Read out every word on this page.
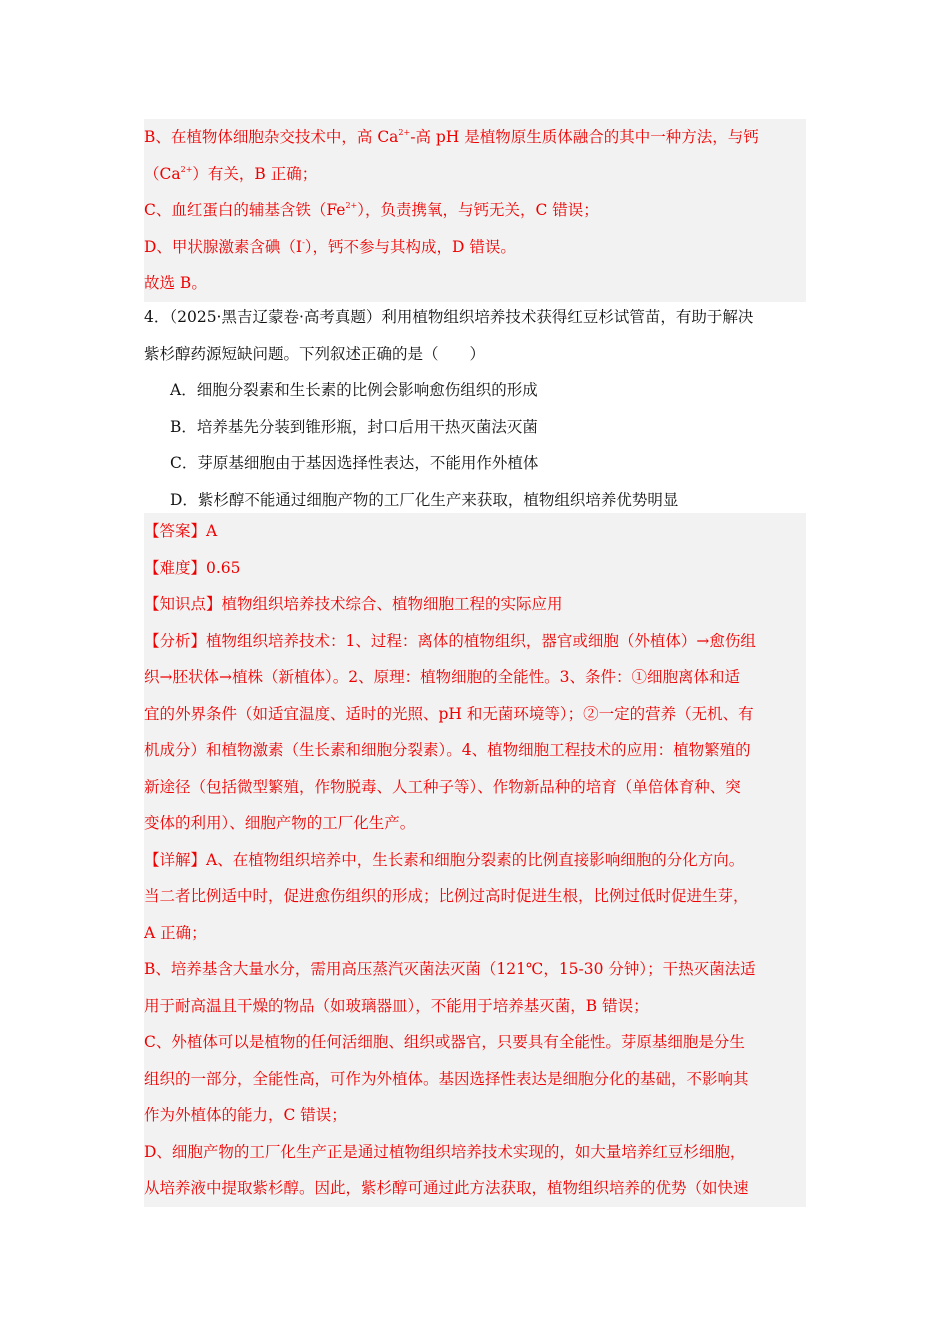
B、在植物体细胞杂交技术中，高 $Ca^{2+}-$高 pH 是植物原生质体融合的其中一种方法，与钙
$(Ca^{2+})$有关，B 正确；
C、血红蛋白的辅基含铁$(Fe^{2+})$，负责携氧，与钙无关，C 错误；
D、甲状腺激素含碘（I-），钙不参与其构成，D 错误。
故选 B。
4．（2025·黑吉辽蒙卷·高考真题）利用植物组织培养技术获得红豆杉试管苗，有助于解决
紫杉醇药源短缺问题。下列叙述正确的是（　　）
A．细胞分裂素和生长素的比例会影响愈伤组织的形成
B．培养基先分装到锥形瓶，封口后用干热灭菌法灭菌
C．芽原基细胞由于基因选择性表达，不能用作外植体
D．紫杉醇不能通过细胞产物的工厂化生产来获取，植物组织培养优势明显
【答案】A
【难度】0.65
【知识点】植物组织培养技术综合、植物细胞工程的实际应用
【分析】植物组织培养技术：1、过程：离体的植物组织，器官或细胞（外植体）→愈伤组
织→胚状体→植株（新植体）。2、原理：植物细胞的全能性。3、条件：①细胞离体和适
宜的外界条件（如适宜温度、适时的光照、pH 和无菌环境等）；②一定的营养（无机、有
机成分）和植物激素（生长素和细胞分裂素）。4、植物细胞工程技术的应用：植物繁殖的
新途径（包括微型繁殖，作物脱毒、人工种子等）、作物新品种的培育（单倍体育种、突
变体的利用）、细胞产物的工厂化生产。
【详解】A、在植物组织培养中，生长素和细胞分裂素的比例直接影响细胞的分化方向。
当二者比例适中时，促进愈伤组织的形成；比例过高时促进生根，比例过低时促进生芽，
A 正确；
B、培养基含大量水分，需用高压蒸汽灭菌法灭菌（121℃，15-30 分钟）；干热灭菌法适
用于耐高温且干燥的物品（如玻璃器皿），不能用于培养基灭菌，B 错误；
C、外植体可以是植物的任何活细胞、组织或器官，只要具有全能性。芽原基细胞是分生
组织的一部分，全能性高，可作为外植体。基因选择性表达是细胞分化的基础，不影响其
作为外植体的能力，C 错误；
D、细胞产物的工厂化生产正是通过植物组织培养技术实现的，如大量培养红豆杉细胞，
从培养液中提取紫杉醇。因此，紫杉醇可通过此方法获取，植物组织培养的优势（如快速
